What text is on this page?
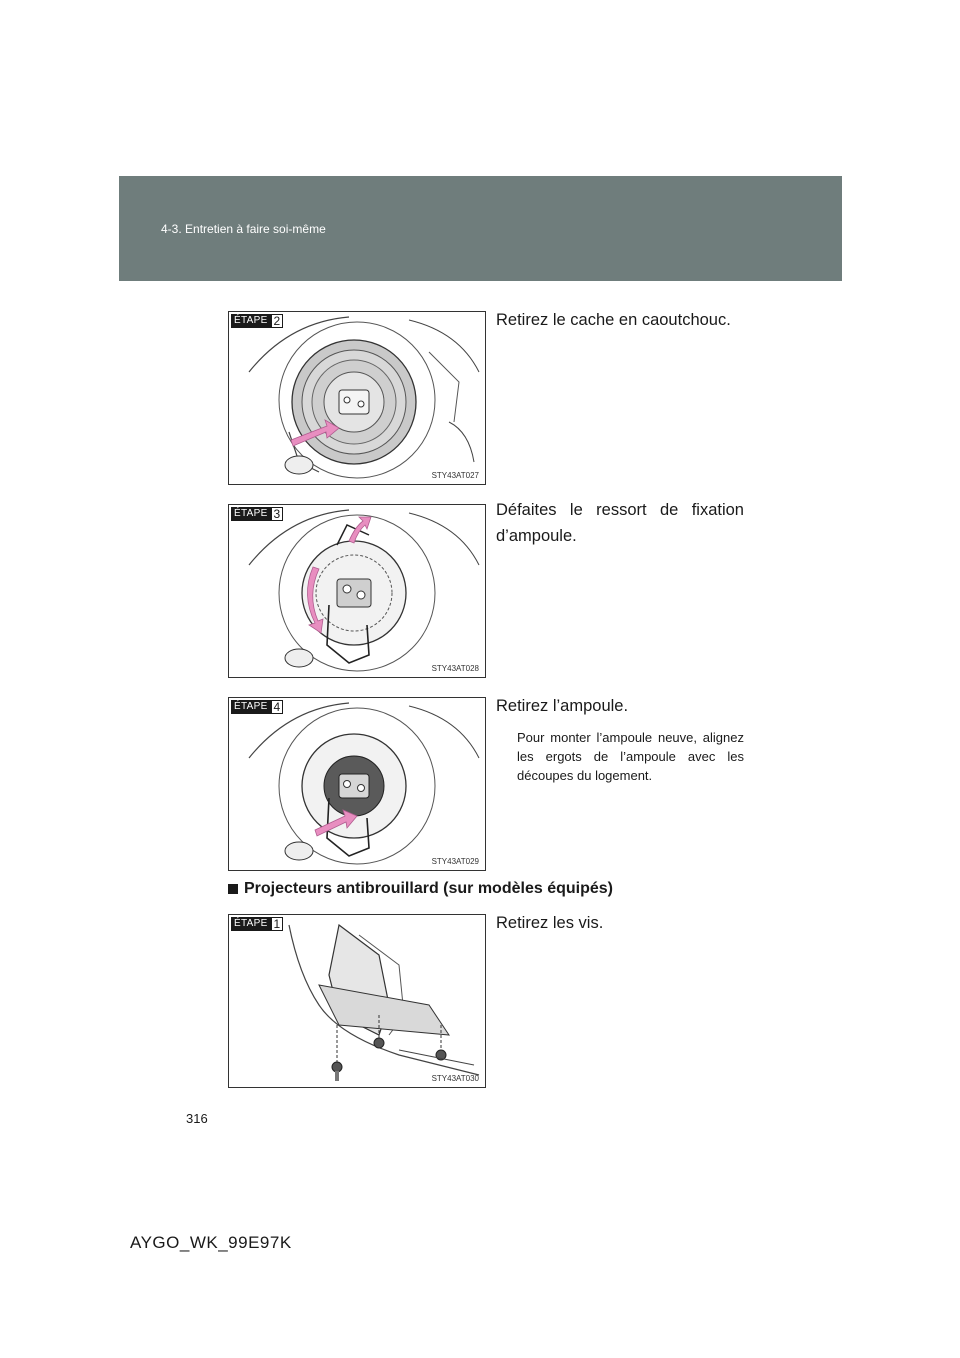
4-3. Entretien à faire soi-même
ÉTAPE 2
STY43AT027

Retirez le cache en caoutchouc.

ÉTAPE 3
STY43AT028

Défaites le ressort de fixation d’ampoule.

ÉTAPE 4
STY43AT029

Retirez l’ampoule.

Pour monter l’ampoule neuve, alignez les ergots de l’ampoule avec les découpes du logement.

Projecteurs antibrouillard (sur modèles équipés)
ÉTAPE 1
STY43AT030

Retirez les vis.

316
AYGO_WK_99E97K
